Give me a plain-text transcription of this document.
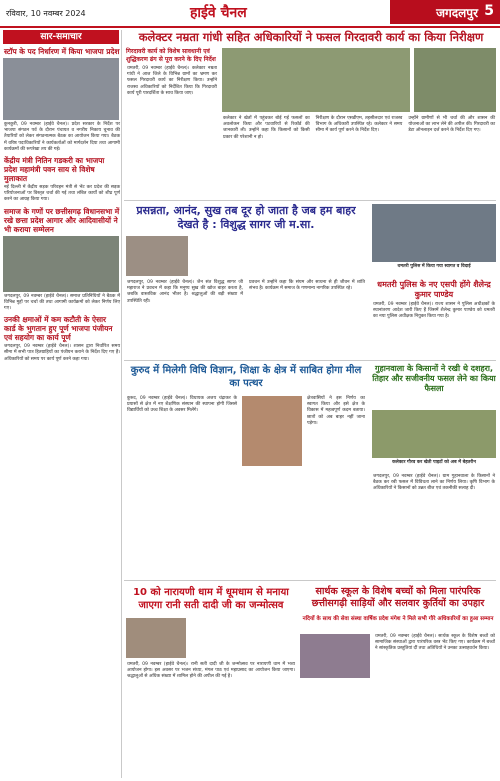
रविवार, 10 नवम्बर 2024	हाईवे चैनल	जगदलपुर 5
सार-समाचार
स्टॉप के पद निर्धारण में किया भाजपा प्रदेश
कुनकुरी, 09 नवम्बर (हाईवे चैनल)। प्रदेश सरकार के निर्देश पर भाजपा संगठन पर्व के दौरान पंचायत व नगरीय निकाय चुनाव की तैयारियों को लेकर संगठनात्मक बैठक का आयोजन किया गया। बैठक में वरिष्ठ पदाधिकारियों ने कार्यकर्ताओं को मार्गदर्शन दिया तथा आगामी कार्यक्रमों की रूपरेखा तय की गई।
केंद्रीय मंत्री नितिन गडकरी का भाजपा प्रदेश महामंत्री पवन साय से विशेष मुलाकात
नई दिल्ली में केंद्रीय सड़क परिवहन मंत्री से भेंट कर प्रदेश की सड़क परियोजनाओं पर विस्तृत चर्चा की गई तथा लंबित कार्यों को शीघ्र पूर्ण करने का आग्रह किया गया।
समाज के गणों पर छत्तीसगढ़ विधानसभा में रखे छत्ता प्रदेश आगार और आदिवासीयों ने भी कराया सम्मेलन
जगदलपुर, 09 नवम्बर (हाईवे चैनल)। समाज प्रतिनिधियों ने बैठक में विभिन्न मुद्दों पर चर्चा की तथा आगामी कार्यक्रमों को लेकर निर्णय लिए गए।
उनकी क्षमाओं में कम कटौती के ऐसार कार्ड के भुगतान हुए पूर्ण भाजपा पंजीयन एवं सहयोग का कार्य पूर्ण
जगदलपुर, 09 नवम्बर (हाईवे चैनल)। शासन द्वारा निर्धारित समय सीमा में सभी पात्र हितग्राहियों का पंजीयन कराने के निर्देश दिए गए हैं। अधिकारियों को समय पर कार्य पूर्ण करने कहा गया।
कलेक्टर नम्रता गांधी सहित अधिकारियों ने फसल गिरदावरी कार्य का किया निरीक्षण
गिरदावरी कार्य को विशेष सावधानी एवं शुद्धिकरण ढंग से पूरा करने के दिए निर्देश
धमतरी, 09 नवम्बर (हाईवे चैनल)। कलेक्टर नम्रता गांधी ने आज जिले के विभिन्न ग्रामों का भ्रमण कर फसल गिरदावरी कार्य का निरीक्षण किया। उन्होंने राजस्व अधिकारियों को निर्देशित किया कि गिरदावरी कार्य पूरी पारदर्शिता के साथ किया जाए।
कलेक्टर ने खेतों में पहुंचकर बोई गई फसलों का अवलोकन किया और पटवारियों से रिकॉर्ड की जानकारी ली। उन्होंने कहा कि किसानों को किसी प्रकार की परेशानी न हो।
निरीक्षण के दौरान एसडीएम, तहसीलदार एवं राजस्व विभाग के अधिकारी उपस्थित रहे। कलेक्टर ने समय सीमा में कार्य पूर्ण करने के निर्देश दिए।
उन्होंने ग्रामीणों से भी चर्चा की और शासन की योजनाओं का लाभ लेने की अपील की। गिरदावरी का डेटा ऑनलाइन दर्ज करने के निर्देश दिए गए।
प्रसन्नता, आनंद, सुख तब दूर हो जाता है जब हम बाहर देखते है : विशुद्ध सागर जी म.सा.
जगदलपुर, 09 नवम्बर (हाईवे चैनल)। जैन संत विशुद्ध सागर जी महाराज ने प्रवचन में कहा कि मनुष्य सुख की खोज बाहर करता है, जबकि वास्तविक आनंद भीतर है। श्रद्धालुओं की बड़ी संख्या में उपस्थिति रही।
प्रवचन में उन्होंने कहा कि संयम और साधना से ही जीवन में शांति संभव है। कार्यक्रम में समाज के गणमान्य नागरिक उपस्थित रहे।
धमतरी पुलिस में किया गया स्वागत व विदाई
धमतरी पुलिस के नए एसपी होंगे शैलेन्द्र कुमार पाण्डेय
धमतरी, 09 नवम्बर (हाईवे चैनल)। राज्य शासन ने पुलिस अधीक्षकों के स्थानांतरण आदेश जारी किए हैं जिसमें शैलेन्द्र कुमार पाण्डेय को धमतरी का नया पुलिस अधीक्षक नियुक्त किया गया है।
कुरुद में मिलेगी विधि विज्ञान, शिक्षा के क्षेत्र में साबित होगा मील का पत्थर
कुरुद, 09 नवम्बर (हाईवे चैनल)। विधायक अजय चंद्राकर के प्रयासों से क्षेत्र में नए शैक्षणिक संस्थान की स्थापना होगी जिससे विद्यार्थियों को उच्च शिक्षा के अवसर मिलेंगे।
क्षेत्रवासियों ने इस निर्णय का स्वागत किया और इसे क्षेत्र के विकास में महत्वपूर्ण कदम बताया। छात्रों को अब बाहर नहीं जाना पड़ेगा।
गुहानवाला के किसानों ने रखी थे दशहरा, तिहार और सजीवनीय फसल लेने का किया फैसला
कलेक्टर गौरव कर खेती पाइटों को अब में बेहतरीन
जगदलपुर, 09 नवम्बर (हाईवे चैनल)। ग्राम गुहानवाला के किसानों ने बैठक कर रबी फसल में विविधता लाने का निर्णय लिया। कृषि विभाग के अधिकारियों ने किसानों को उन्नत बीज एवं तकनीकी सलाह दी।
10 को नारायणी धाम में धूमधाम से मनाया जाएगा रानी सती दादी जी का जन्मोत्सव
धमतरी, 09 नवम्बर (हाईवे चैनल)। रानी सती दादी जी के जन्मोत्सव पर नारायणी धाम में भव्य आयोजन होगा। इस अवसर पर भजन संध्या, मंगल पाठ एवं महाप्रसाद का आयोजन किया जाएगा। श्रद्धालुओं से अधिक संख्या में शामिल होने की अपील की गई है।
सार्थक स्कूल के विशेष बच्चों को मिला पारंपरिक छत्तीसगढ़ी साड़ियों और सलवार कुर्तियों का उपहार
नदियों के साथ की सेवा संस्था वार्षिक प्रदेश मंगेश ने मिले सभी गौरे अधिकारियों का हुआ सम्मान
धमतरी, 09 नवम्बर (हाईवे चैनल)। सार्थक स्कूल के विशेष बच्चों को सामाजिक संस्थाओं द्वारा पारंपरिक वस्त्र भेंट किए गए। कार्यक्रम में बच्चों ने सांस्कृतिक प्रस्तुतियां दीं तथा अतिथियों ने उनका उत्साहवर्धन किया।
